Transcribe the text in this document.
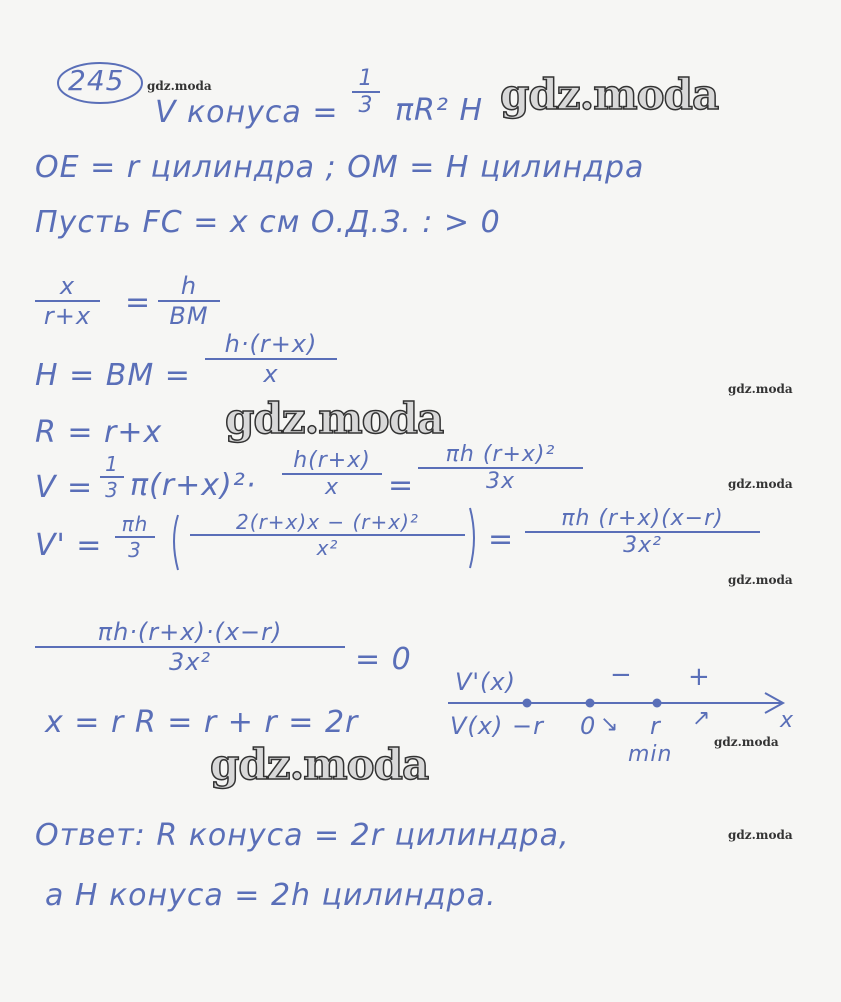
245
V конуса =
1
3 πR² H
OE = r цилиндра ; OM = H цилиндра
Пусть FC = x см О.Д.З. : > 0
x
r+x =	h
BM
H = BM =
h·(r+x)
x
R = r+x
V =
1
3 π(r+x)²·
h(r+x)
x	=
πh (r+x)²
3x
V' =
πh
3
2(r+x)x − (r+x)²
x²	=
πh (r+x)(x−r)
3x²
πh·(r+x)·(x−r)
3x²	= 0
x = r R = r + r = 2r
V'(x)	− +
V(x) −r 0 ↘ r ↗	x
min
Ответ: R конуса = 2r цилиндра,
а H конуса = 2h цилиндра.
gdz.moda
gdz.moda
gdz.moda
gdz.moda
gdz.moda
gdz.moda
gdz.moda
gdz.moda
gdz.moda
